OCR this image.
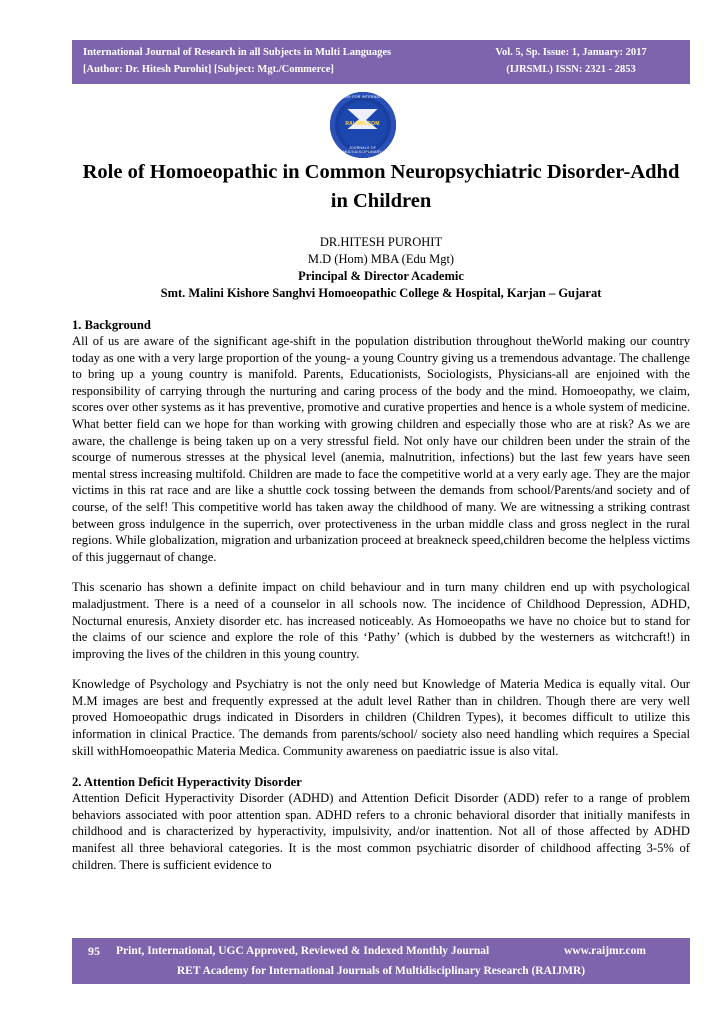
International Journal of Research in all Subjects in Multi Languages
[Author: Dr. Hitesh Purohit] [Subject: Mgt./Commerce]
Vol. 5, Sp. Issue: 1, January: 2017
(IJRSML) ISSN: 2321 - 2853
ACADEMY FOR INTERNATIONAL
RAIJMR.COM
JOURNALS OF MULTIDISCIPLINARY
Role of Homoeopathic in Common Neuropsychiatric Disorder-Adhd in Children
DR.HITESH PUROHIT
M.D (Hom) MBA (Edu Mgt)
Principal & Director Academic
Smt. Malini Kishore Sanghvi Homoeopathic College & Hospital, Karjan – Gujarat
1. Background

All of us are aware of the significant age-shift in the population distribution throughout theWorld making our country today as one with a very large proportion of the young- a young Country giving us a tremendous advantage. The challenge to bring up a young country is manifold. Parents, Educationists, Sociologists, Physicians-all are enjoined with the responsibility of carrying through the nurturing and caring process of the body and the mind. Homoeopathy, we claim, scores over other systems as it has preventive, promotive and curative properties and hence is a whole system of medicine. What better field can we hope for than working with growing children and especially those who are at risk? As we are aware, the challenge is being taken up on a very stressful field. Not only have our children been under the strain of the scourge of numerous stresses at the physical level (anemia, malnutrition, infections) but the last few years have seen mental stress increasing multifold. Children are made to face the competitive world at a very early age. They are the major victims in this rat race and are like a shuttle cock tossing between the demands from school/Parents/and society and of course, of the self! This competitive world has taken away the childhood of many. We are witnessing a striking contrast between gross indulgence in the superrich, over protectiveness in the urban middle class and gross neglect in the rural regions. While globalization, migration and urbanization proceed at breakneck speed,children become the helpless victims of this juggernaut of change.

This scenario has shown a definite impact on child behaviour and in turn many children end up with psychological maladjustment. There is a need of a counselor in all schools now. The incidence of Childhood Depression, ADHD, Nocturnal enuresis, Anxiety disorder etc. has increased noticeably. As Homoeopaths we have no choice but to stand for the claims of our science and explore the role of this ‘Pathy’ (which is dubbed by the westerners as witchcraft!) in improving the lives of the children in this young country.

Knowledge of Psychology and Psychiatry is not the only need but Knowledge of Materia Medica is equally vital. Our M.M images are best and frequently expressed at the adult level Rather than in children. Though there are very well proved Homoeopathic drugs indicated in Disorders in children (Children Types), it becomes difficult to utilize this information in clinical Practice. The demands from parents/school/ society also need handling which requires a Special skill withHomoeopathic Materia Medica. Community awareness on paediatric issue is also vital.

2. Attention Deficit Hyperactivity Disorder

Attention Deficit Hyperactivity Disorder (ADHD) and Attention Deficit Disorder (ADD) refer to a range of problem behaviors associated with poor attention span. ADHD refers to a chronic behavioral disorder that initially manifests in childhood and is characterized by hyperactivity, impulsivity, and/or inattention. Not all of those affected by ADHD manifest all three behavioral categories. It is the most common psychiatric disorder of childhood affecting 3-5% of children. There is sufficient evidence to

95	Print, International, UGC Approved, Reviewed & Indexed Monthly Journal	www.raijmr.com
RET Academy for International Journals of Multidisciplinary Research (RAIJMR)
